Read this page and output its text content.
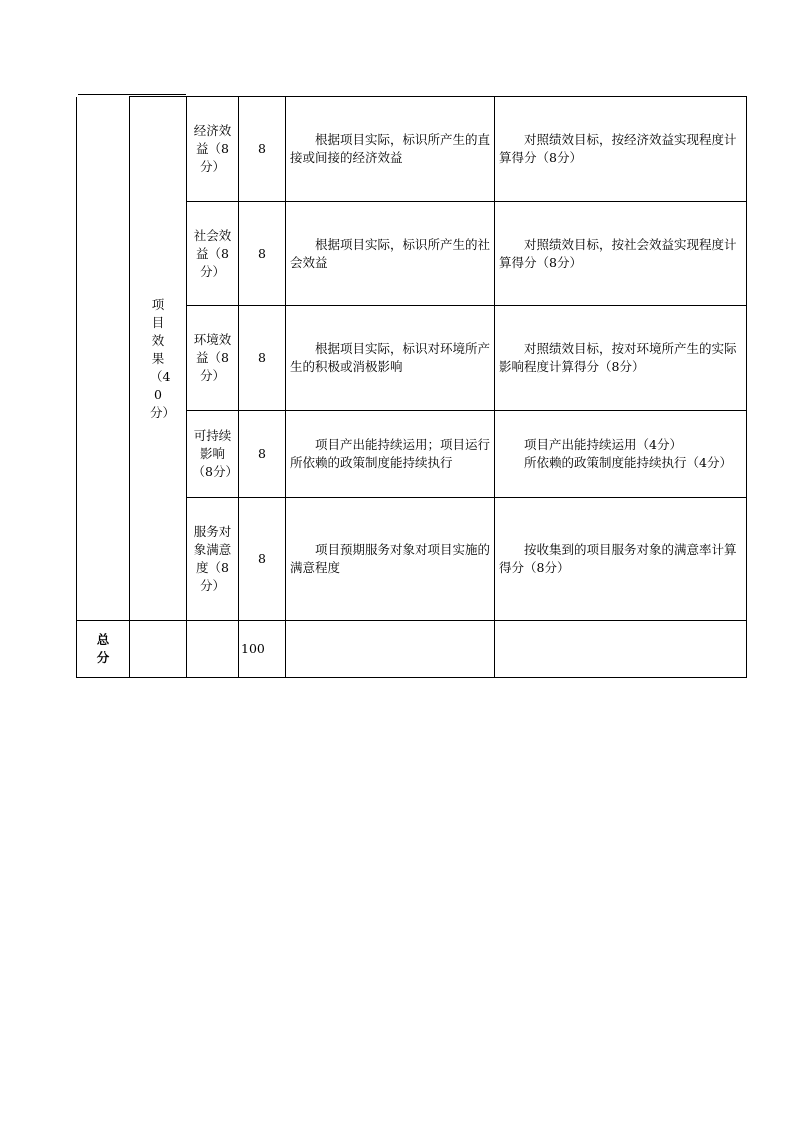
	项目效果（40分）	经济效益（8分）	8	根据项目实际，标识所产生的直接或间接的经济效益	对照绩效目标，按经济效益实现程度计算得分（8分）

		社会效益（8分）	8	根据项目实际，标识所产生的社会效益	对照绩效目标，按社会效益实现程度计算得分（8分）

		环境效益（8分）	8	根据项目实际，标识对环境所产生的积极或消极影响	对照绩效目标，按对环境所产生的实际影响程度计算得分（8分）

		可持续影响（8分）	8	项目产出能持续运用；项目运行所依赖的政策制度能持续执行	项目产出能持续运用（4分）

所依赖的政策制度能持续执行（4分）

		服务对象满意度（8分）	8	项目预期服务对象对项目实施的满意程度	按收集到的项目服务对象的满意率计算得分（8分）

总分			100		
